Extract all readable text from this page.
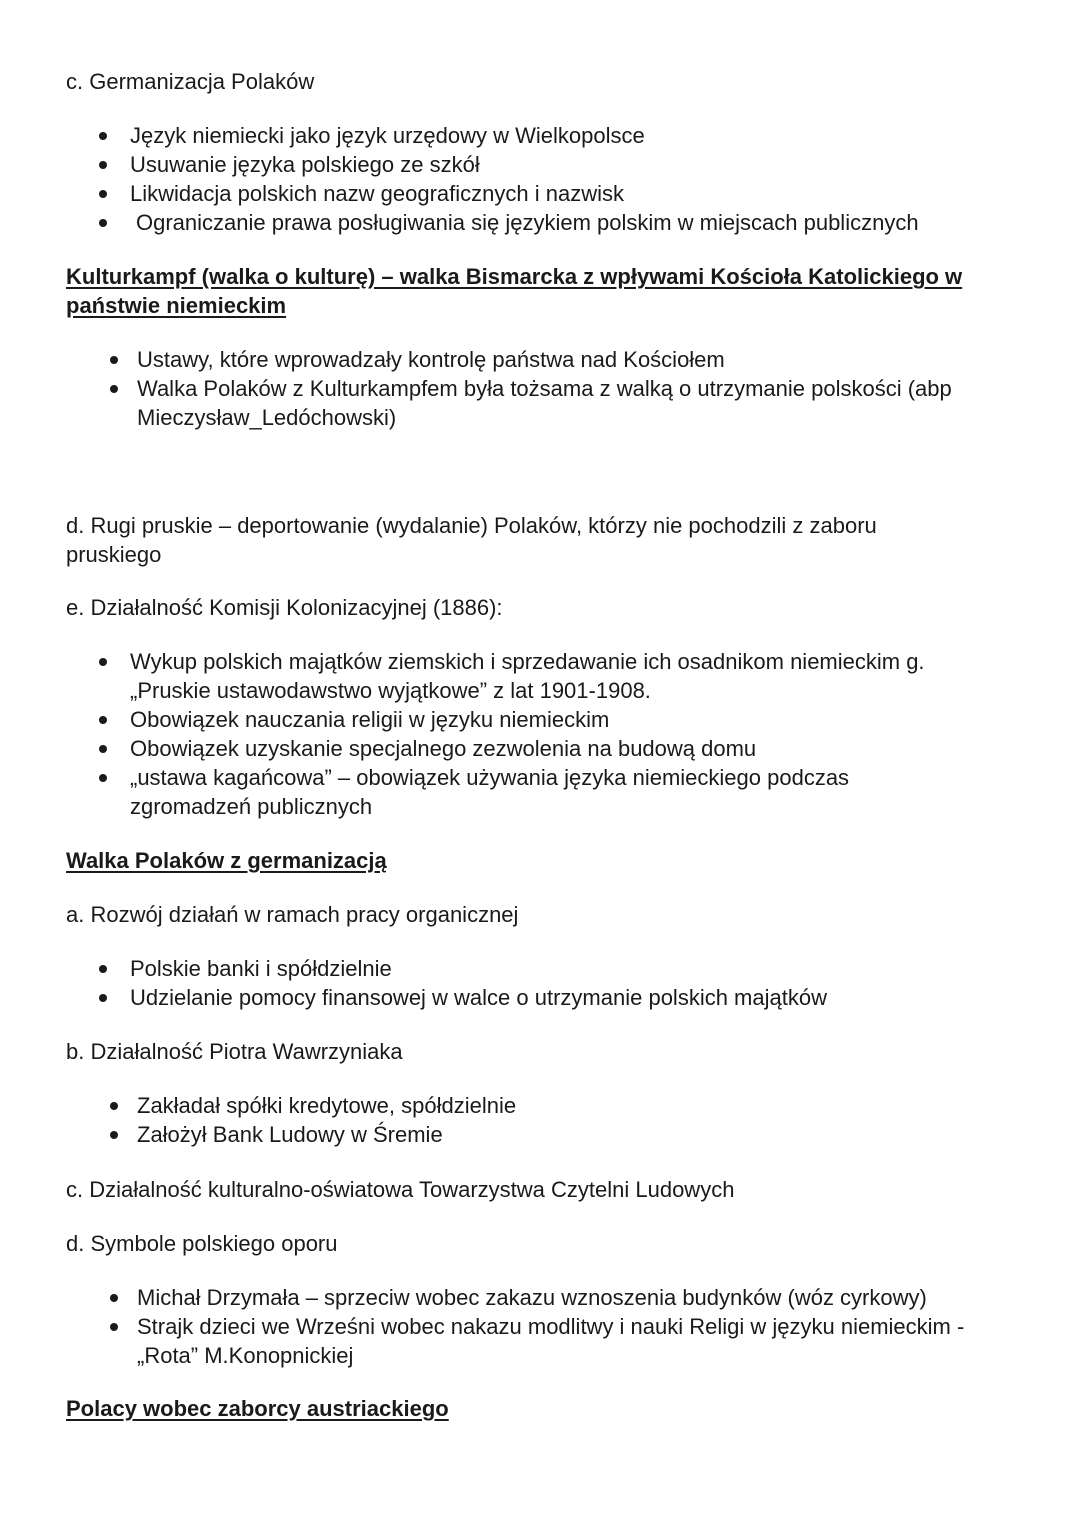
c. Germanizacja Polaków

Język niemiecki jako język urzędowy w Wielkopolsce
Usuwanie języka polskiego ze szkół
Likwidacja polskich nazw geograficznych i nazwisk
Ograniczanie prawa posługiwania się językiem polskim w miejscach publicznych

Kulturkampf (walka o kulturę) – walka Bismarcka z wpływami Kościoła Katolickiego w państwie niemieckim

Ustawy, które wprowadzały kontrolę państwa nad Kościołem
Walka Polaków z Kulturkampfem była tożsama z walką o utrzymanie polskości (abp Mieczysław_Ledóchowski)

d. Rugi pruskie – deportowanie (wydalanie) Polaków, którzy nie pochodzili z zaboru pruskiego

e. Działalność Komisji Kolonizacyjnej (1886):

Wykup polskich majątków ziemskich i sprzedawanie ich osadnikom niemieckim g. „Pruskie ustawodawstwo wyjątkowe” z lat 1901-1908.
Obowiązek nauczania religii w języku niemieckim
Obowiązek uzyskanie specjalnego zezwolenia na budową domu
„ustawa kagańcowa” – obowiązek używania języka niemieckiego podczas zgromadzeń publicznych

Walka Polaków z germanizacją

a. Rozwój działań w ramach pracy organicznej

Polskie banki i spółdzielnie
Udzielanie pomocy finansowej w walce o utrzymanie polskich majątków

b. Działalność Piotra Wawrzyniaka

Zakładał spółki kredytowe, spółdzielnie
Założył Bank Ludowy w Śremie

c. Działalność kulturalno-oświatowa Towarzystwa Czytelni Ludowych

d. Symbole polskiego oporu

Michał Drzymała – sprzeciw wobec zakazu wznoszenia budynków (wóz cyrkowy)
Strajk dzieci we Wrześni wobec nakazu modlitwy i nauki Religi w języku niemieckim - „Rota” M.Konopnickiej

Polacy wobec zaborcy austriackiego
